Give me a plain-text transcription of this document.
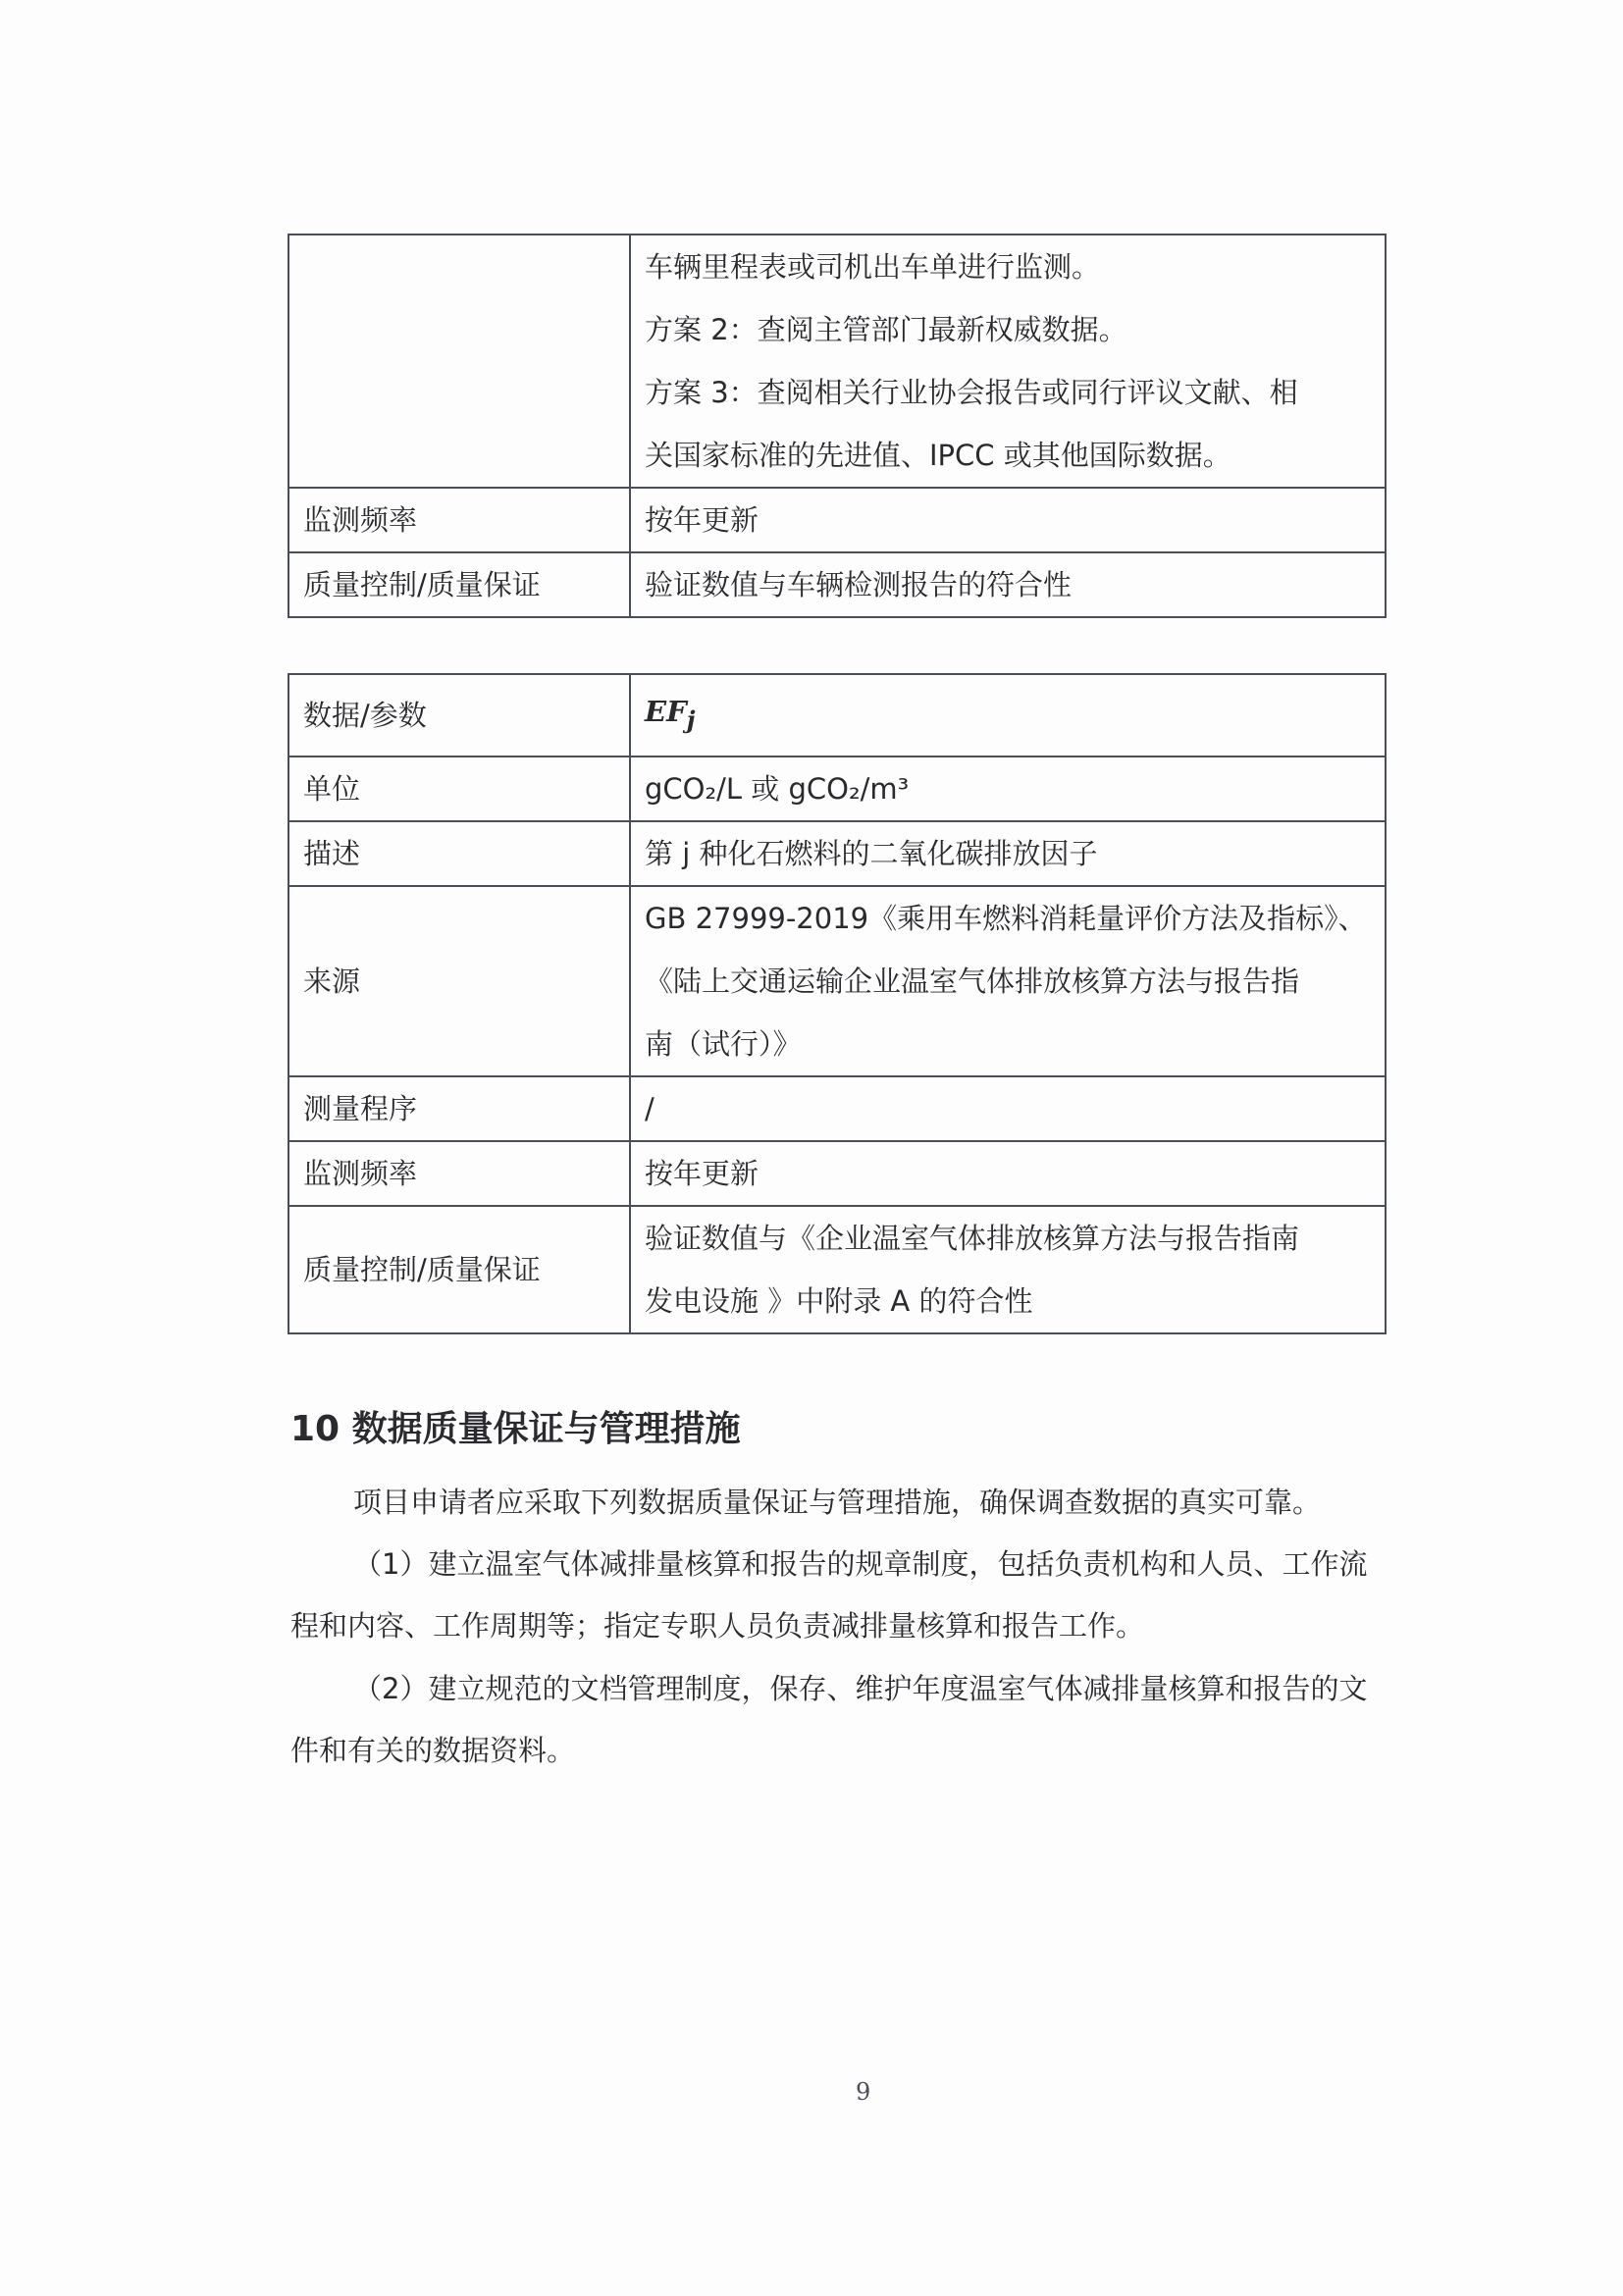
	车辆里程表或司机出车单进行监测。
方案 2：查阅主管部门最新权威数据。
方案 3：查阅相关行业协会报告或同行评议文献、相
关国家标准的先进值、IPCC 或其他国际数据。

监测频率	按年更新
质量控制/质量保证	验证数值与车辆检测报告的符合性
数据/参数	$EF_j$
单位	gCO₂/L 或 gCO₂/m³
描述	第 j 种化石燃料的二氧化碳排放因子
来源	GB 27999-2019《乘用车燃料消耗量评价方法及指标》、
《陆上交通运输企业温室气体排放核算方法与报告指
南（试行）》

测量程序	/
监测频率	按年更新
质量控制/质量保证	验证数值与《企业温室气体排放核算方法与报告指南
发电设施 》中附录 A 的符合性
10 数据质量保证与管理措施

项目申请者应采取下列数据质量保证与管理措施，确保调查数据的真实可靠。

（1）建立温室气体减排量核算和报告的规章制度，包括负责机构和人员、工作流程和内容、工作周期等；指定专职人员负责减排量核算和报告工作。

（2）建立规范的文档管理制度，保存、维护年度温室气体减排量核算和报告的文件和有关的数据资料。

9
